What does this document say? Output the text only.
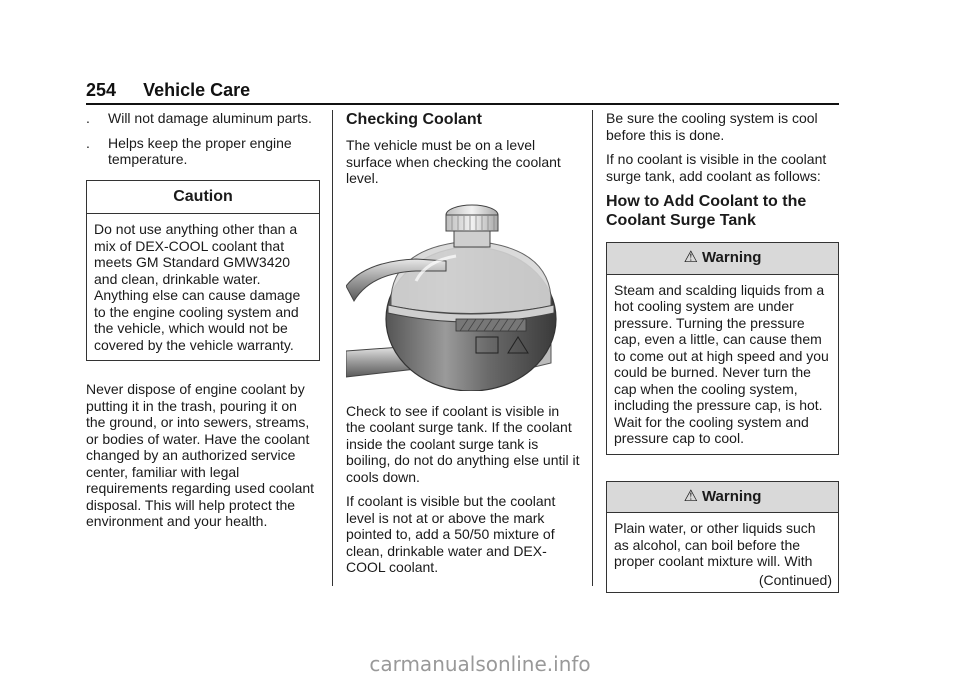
254 Vehicle Care
. Will not damage aluminum parts.
. Helps keep the proper engine temperature.
Caution
Do not use anything other than a mix of DEX-COOL coolant that meets GM Standard GMW3420 and clean, drinkable water. Anything else can cause damage to the engine cooling system and the vehicle, which would not be covered by the vehicle warranty.

Never dispose of engine coolant by putting it in the trash, pouring it on the ground, or into sewers, streams, or bodies of water. Have the coolant changed by an authorized service center, familiar with legal requirements regarding used coolant disposal. This will help protect the environment and your health.

Checking Coolant

The vehicle must be on a level surface when checking the coolant level.

Check to see if coolant is visible in the coolant surge tank. If the coolant inside the coolant surge tank is boiling, do not do anything else until it cools down.

If coolant is visible but the coolant level is not at or above the mark pointed to, add a 50/50 mixture of clean, drinkable water and DEX-COOL coolant.

Be sure the cooling system is cool before this is done.

If no coolant is visible in the coolant surge tank, add coolant as follows:

How to Add Coolant to the Coolant Surge Tank
⚠ Warning
Steam and scalding liquids from a hot cooling system are under pressure. Turning the pressure cap, even a little, can cause them to come out at high speed and you could be burned. Never turn the cap when the cooling system, including the pressure cap, is hot. Wait for the cooling system and pressure cap to cool.
⚠ Warning
Plain water, or other liquids such as alcohol, can boil before the proper coolant mixture will. With
(Continued)
carmanualsonline.info
